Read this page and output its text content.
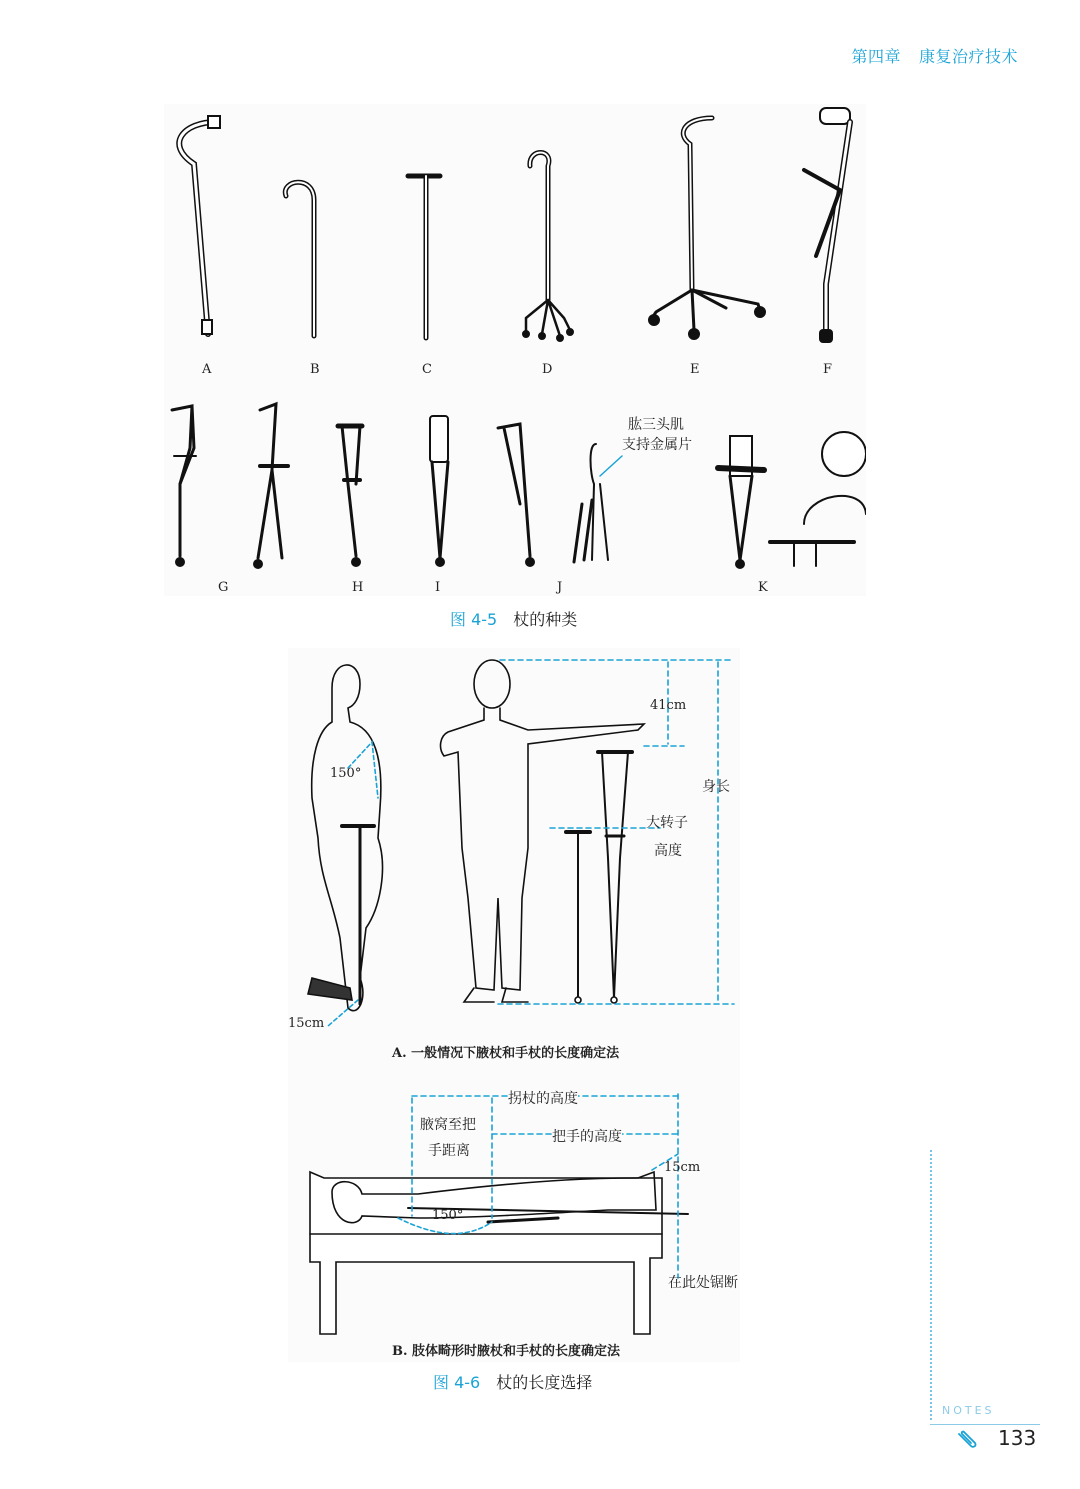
第四章 康复治疗技术
A	B	C	D	E	F
G	H	I	J	K
肱三头肌
支持金属片
图 4-5 杖的种类
150°
41cm
身长
大转子
高度
15cm
A. 一般情况下腋杖和手杖的长度确定法
拐杖的高度
腋窝至把
手距离
把手的高度
15cm
150°
在此处锯断
B. 肢体畸形时腋杖和手杖的长度确定法
图 4-6 杖的长度选择
NOTES
133
